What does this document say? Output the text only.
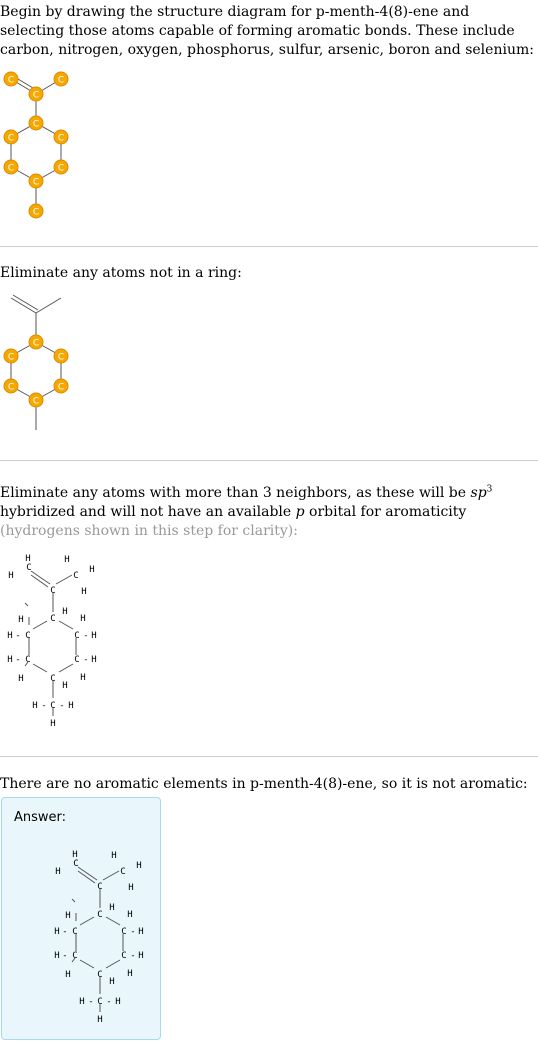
Begin by drawing the structure diagram for p-menth-4(8)-ene and selecting those atoms capable of forming aromatic bonds. These include carbon, nitrogen, oxygen, phosphorus, sulfur, arsenic, boron and selenium:
C	C
C
C
C	C
C	C
C
C
Eliminate any atoms not in a ring:
C
C	C
C	C
C
Eliminate any atoms with more than 3 neighbors, as these will be $sp^3$ hybridized and will not have an available p orbital for aromaticity
(hydrogens shown in this step for clarity):
H
H
C
H
H
C
H
C
C
H
H	H
H - C	C - H
H - C	C - H
H	H
C
H
H - C - H
H
There are no aromatic elements in p-menth-4(8)-ene, so it is not aromatic:
Answer:
H
H
C
H
H
C
H
C
C
H
H	H
H - C	C - H
H - C	C - H
H	H
C
H
H - C - H
H
